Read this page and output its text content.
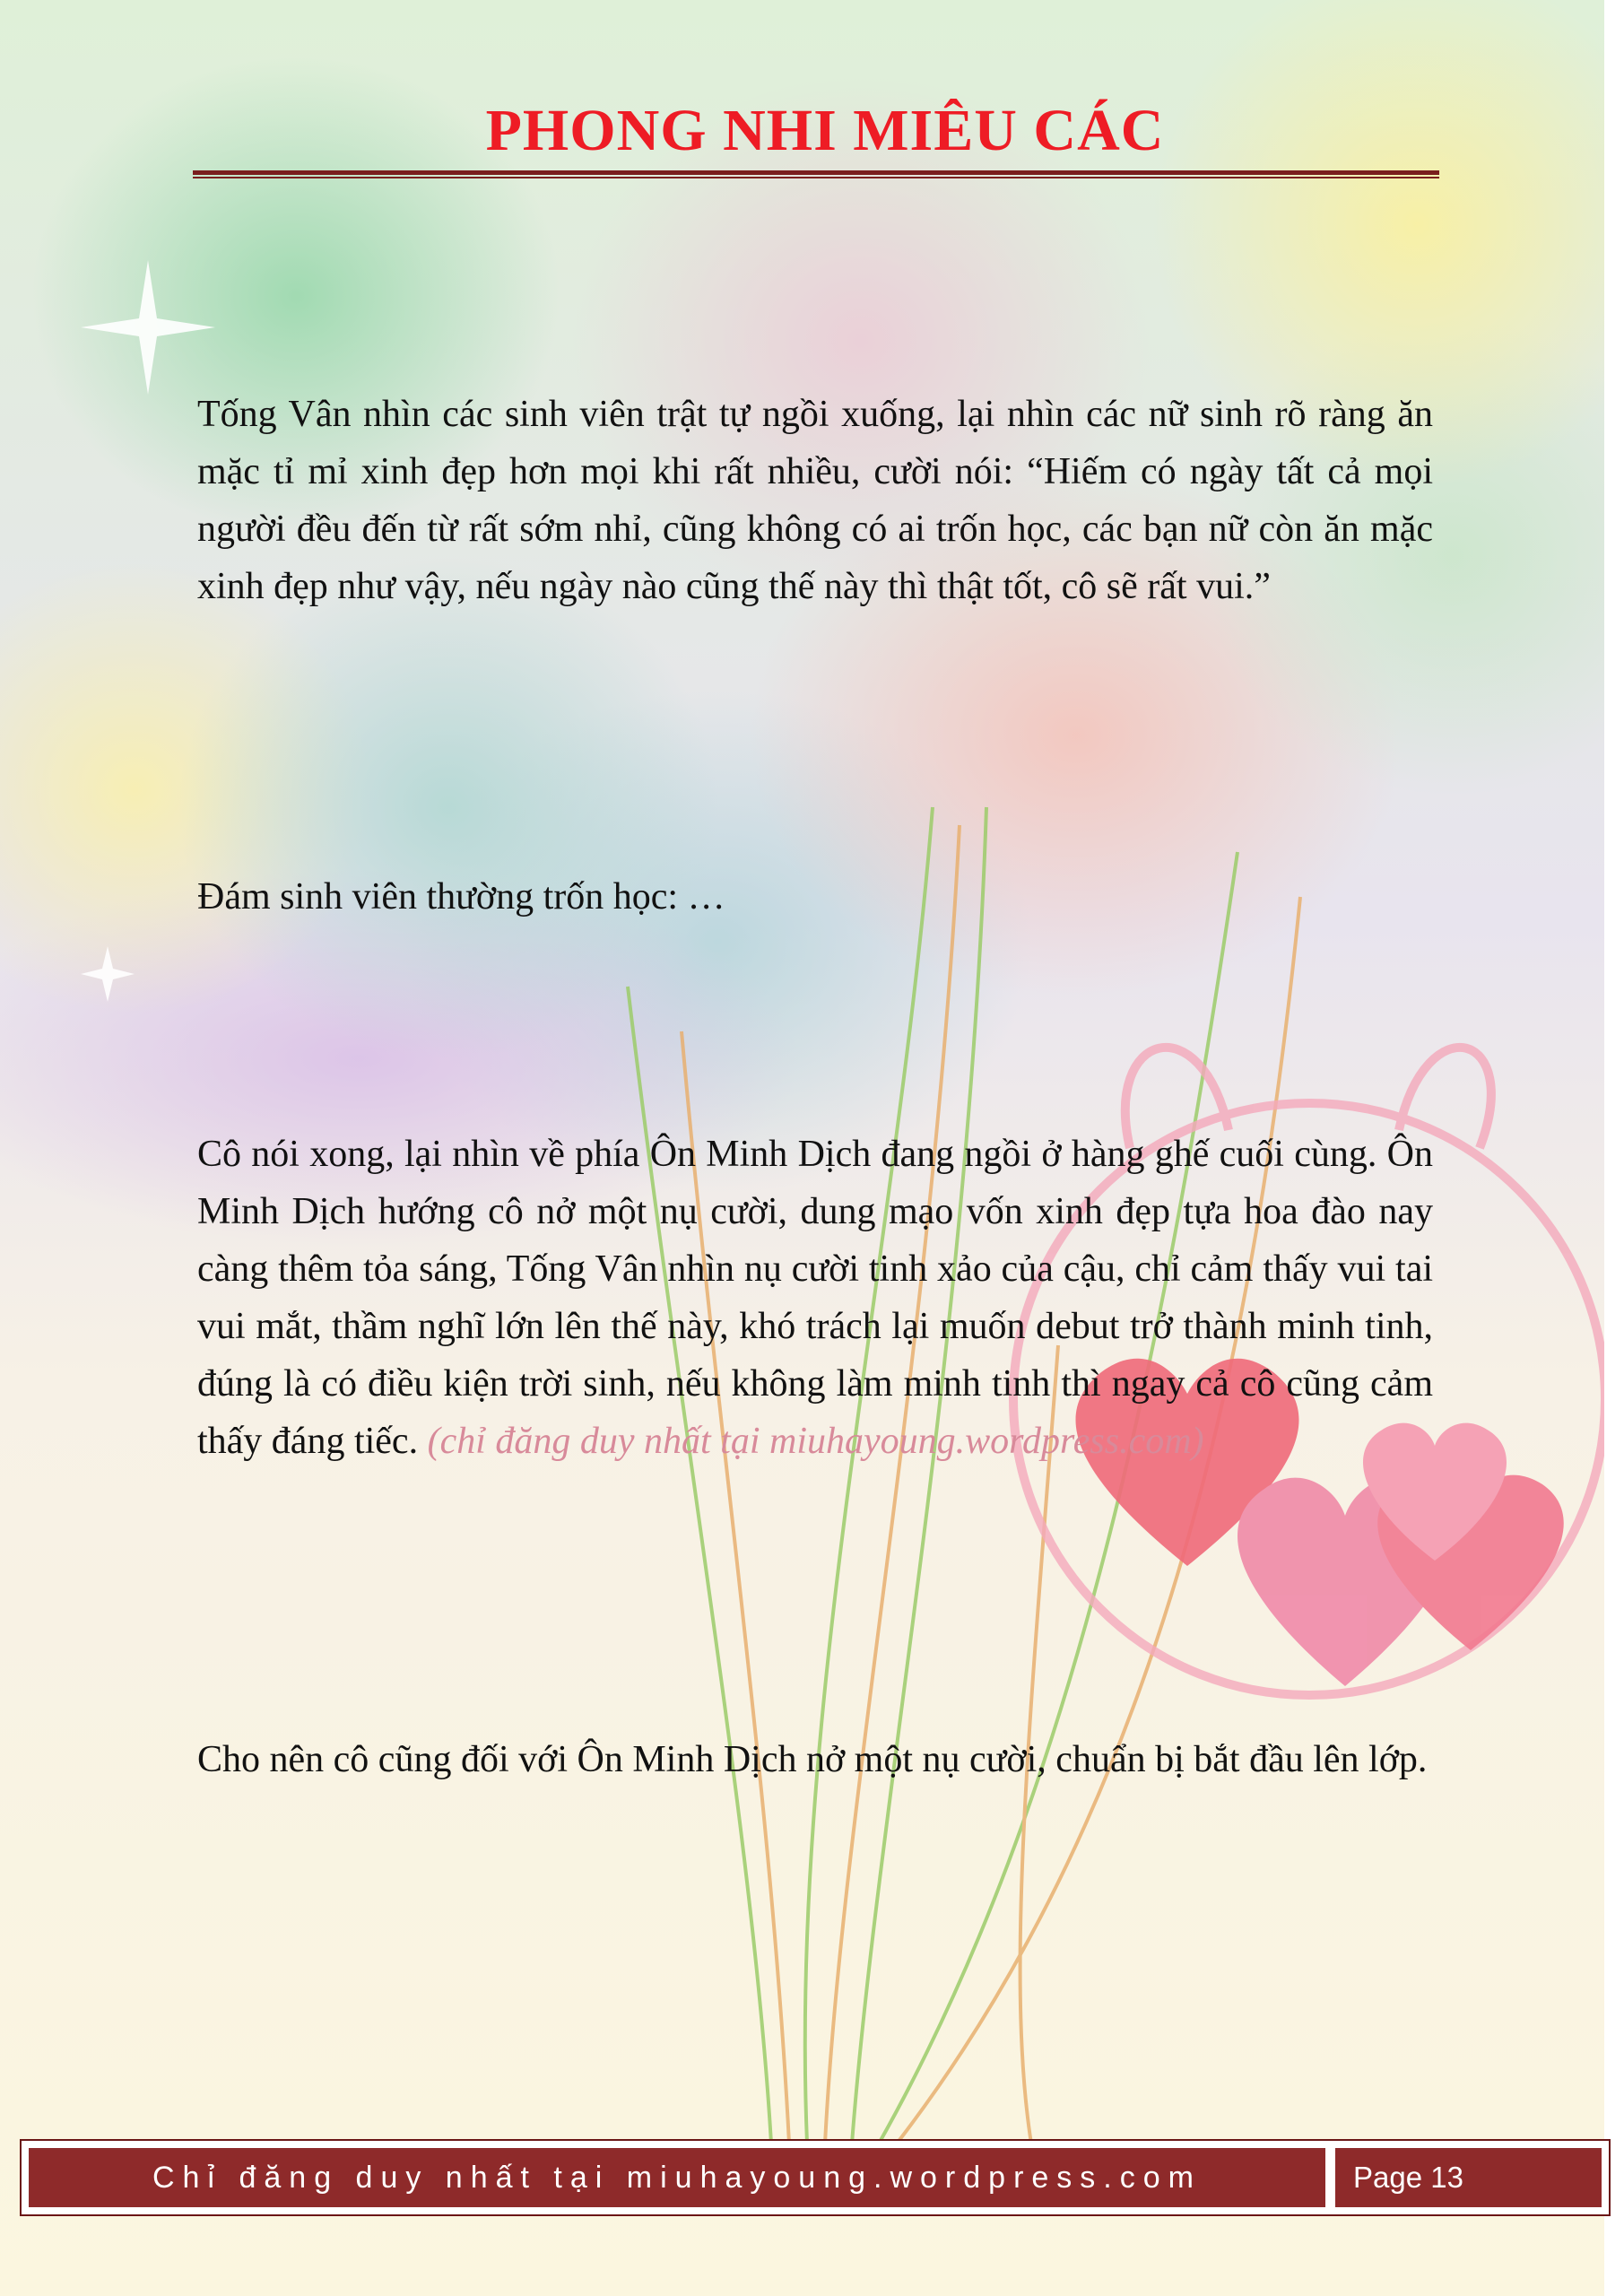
PHONG NHI MIÊU CÁC

Tống Vân nhìn các sinh viên trật tự ngồi xuống, lại nhìn các nữ sinh rõ ràng ăn mặc tỉ mỉ xinh đẹp hơn mọi khi rất nhiều, cười nói: “Hiếm có ngày tất cả mọi người đều đến từ rất sớm nhỉ, cũng không có ai trốn học, các bạn nữ còn ăn mặc xinh đẹp như vậy, nếu ngày nào cũng thế này thì thật tốt, cô sẽ rất vui.”

Đám sinh viên thường trốn học: …

Cô nói xong, lại nhìn về phía Ôn Minh Dịch đang ngồi ở hàng ghế cuối cùng. Ôn Minh Dịch hướng cô nở một nụ cười, dung mạo vốn xinh đẹp tựa hoa đào nay càng thêm tỏa sáng, Tống Vân nhìn nụ cười tinh xảo của cậu, chỉ cảm thấy vui tai vui mắt, thầm nghĩ lớn lên thế này, khó trách lại muốn debut trở thành minh tinh, đúng là có điều kiện trời sinh, nếu không làm minh tinh thì ngay cả cô cũng cảm thấy đáng tiếc. (chỉ đăng duy nhất tại miuhayoung.wordpress.com)

Cho nên cô cũng đối với Ôn Minh Dịch nở một nụ cười, chuẩn bị bắt đầu lên lớp.

Chỉ đăng duy nhất tại miuhayoung.wordpress.com	Page 13
